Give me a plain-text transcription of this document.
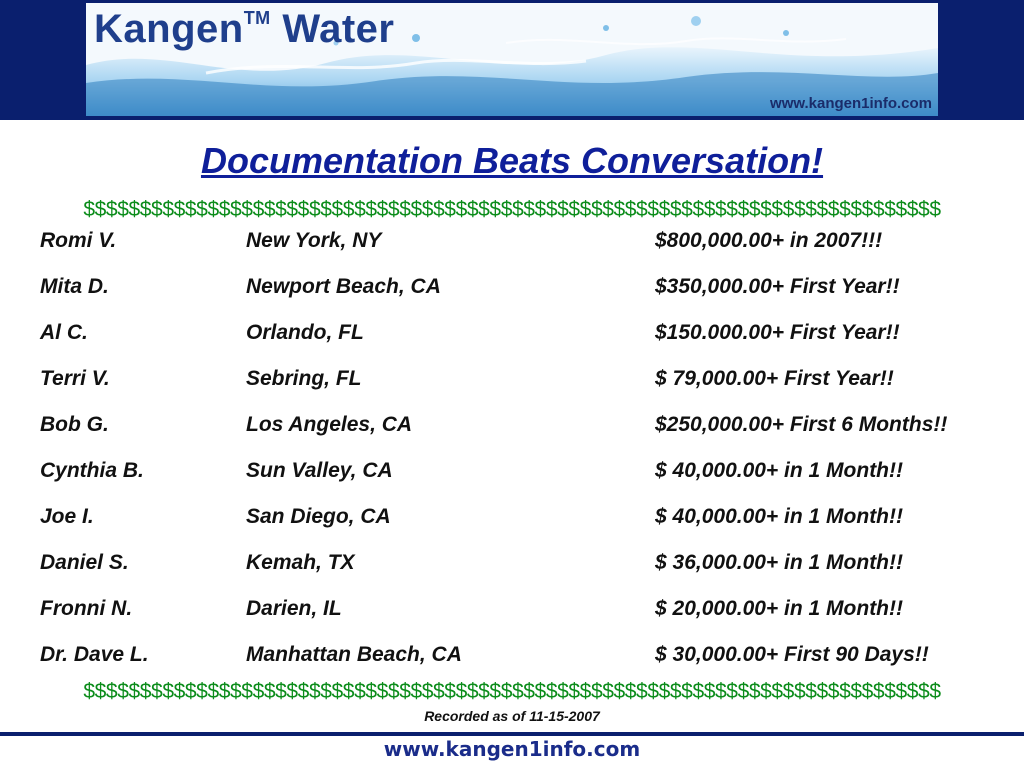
Kangen™ Water
www.kangen1info.com
Documentation Beats Conversation!
$$$$$$$$$$$$$$$$$$$$$$$$$$$$$$$$$$$$$$$$$$$$$$$$$$$$$$$$$$$$$$$$$$$$$$$$$$$$
Romi V.	New York, NY	$800,000.00+ in 2007!!!
Mita D.	Newport Beach, CA	$350,000.00+ First Year!!
Al C.	Orlando, FL	$150.000.00+ First Year!!
Terri V.	Sebring, FL	$ 79,000.00+ First Year!!
Bob G.	Los Angeles, CA	$250,000.00+ First 6 Months!!
Cynthia B.	Sun Valley, CA	$ 40,000.00+ in 1 Month!!
Joe I.	San Diego, CA	$ 40,000.00+ in 1 Month!!
Daniel S.	Kemah, TX	$ 36,000.00+ in 1 Month!!
Fronni N.	Darien, IL	$ 20,000.00+ in 1 Month!!
Dr. Dave L.	Manhattan Beach, CA	$ 30,000.00+ First 90 Days!!
$$$$$$$$$$$$$$$$$$$$$$$$$$$$$$$$$$$$$$$$$$$$$$$$$$$$$$$$$$$$$$$$$$$$$$$$$$$$
Recorded as of 11-15-2007
www.kangen1info.com
